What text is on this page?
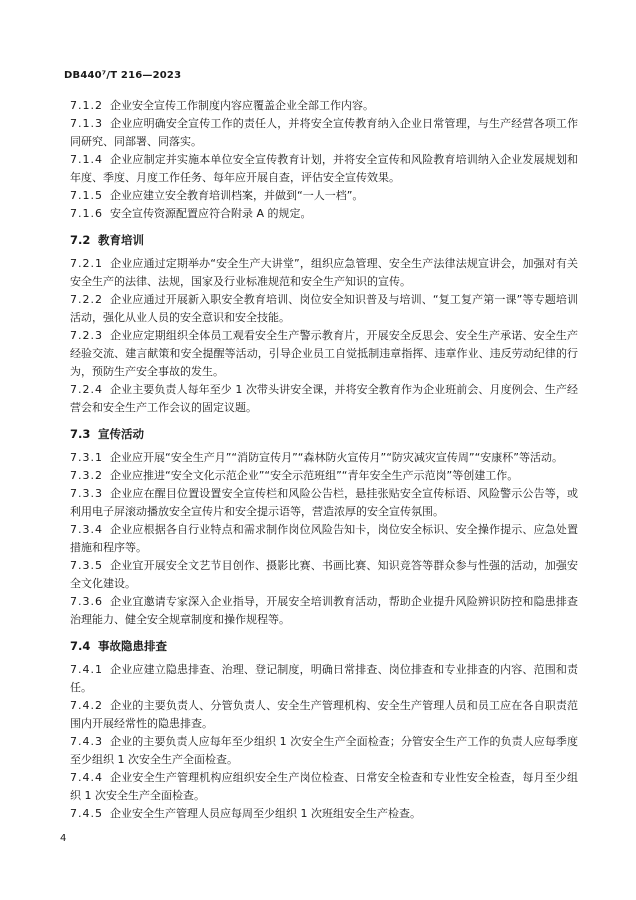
DB440⁷/T 216—2023

7.1.2 企业安全宣传工作制度内容应覆盖企业全部工作内容。

7.1.3 企业应明确安全宣传工作的责任人，并将安全宣传教育纳入企业日常管理，与生产经营各项工作同研究、同部署、同落实。

7.1.4 企业应制定并实施本单位安全宣传教育计划，并将安全宣传和风险教育培训纳入企业发展规划和年度、季度、月度工作任务、每年应开展自查，评估安全宣传效果。

7.1.5 企业应建立安全教育培训档案，并做到“一人一档”。

7.1.6 安全宣传资源配置应符合附录 A 的规定。

7.2 教育培训

7.2.1 企业应通过定期举办“安全生产大讲堂”，组织应急管理、安全生产法律法规宣讲会，加强对有关安全生产的法律、法规，国家及行业标准规范和安全生产知识的宣传。

7.2.2 企业应通过开展新入职安全教育培训、岗位安全知识普及与培训、“复工复产第一课”等专题培训活动，强化从业人员的安全意识和安全技能。

7.2.3 企业应定期组织全体员工观看安全生产警示教育片，开展安全反思会、安全生产承诺、安全生产经验交流、建言献策和安全提醒等活动，引导企业员工自觉抵制违章指挥、违章作业、违反劳动纪律的行为，预防生产安全事故的发生。

7.2.4 企业主要负责人每年至少 1 次带头讲安全课，并将安全教育作为企业班前会、月度例会、生产经营会和安全生产工作会议的固定议题。

7.3 宣传活动

7.3.1 企业应开展“安全生产月”“消防宣传月”“森林防火宣传月”“防灾减灾宣传周”“安康杯”等活动。

7.3.2 企业应推进“安全文化示范企业”“安全示范班组”“青年安全生产示范岗”等创建工作。

7.3.3 企业应在醒目位置设置安全宣传栏和风险公告栏，悬挂张贴安全宣传标语、风险警示公告等，或利用电子屏滚动播放安全宣传片和安全提示语等，营造浓厚的安全宣传氛围。

7.3.4 企业应根据各自行业特点和需求制作岗位风险告知卡，岗位安全标识、安全操作提示、应急处置措施和程序等。

7.3.5 企业宜开展安全文艺节目创作、摄影比赛、书画比赛、知识竞答等群众参与性强的活动，加强安全文化建设。

7.3.6 企业宜邀请专家深入企业指导，开展安全培训教育活动，帮助企业提升风险辨识防控和隐患排查治理能力、健全安全规章制度和操作规程等。

7.4 事故隐患排查

7.4.1 企业应建立隐患排查、治理、登记制度，明确日常排查、岗位排查和专业排查的内容、范围和责任。

7.4.2 企业的主要负责人、分管负责人、安全生产管理机构、安全生产管理人员和员工应在各自职责范围内开展经常性的隐患排查。

7.4.3 企业的主要负责人应每年至少组织 1 次安全生产全面检查；分管安全生产工作的负责人应每季度至少组织 1 次安全生产全面检查。

7.4.4 企业安全生产管理机构应组织安全生产岗位检查、日常安全检查和专业性安全检查，每月至少组织 1 次安全生产全面检查。

7.4.5 企业安全生产管理人员应每周至少组织 1 次班组安全生产检查。

4
